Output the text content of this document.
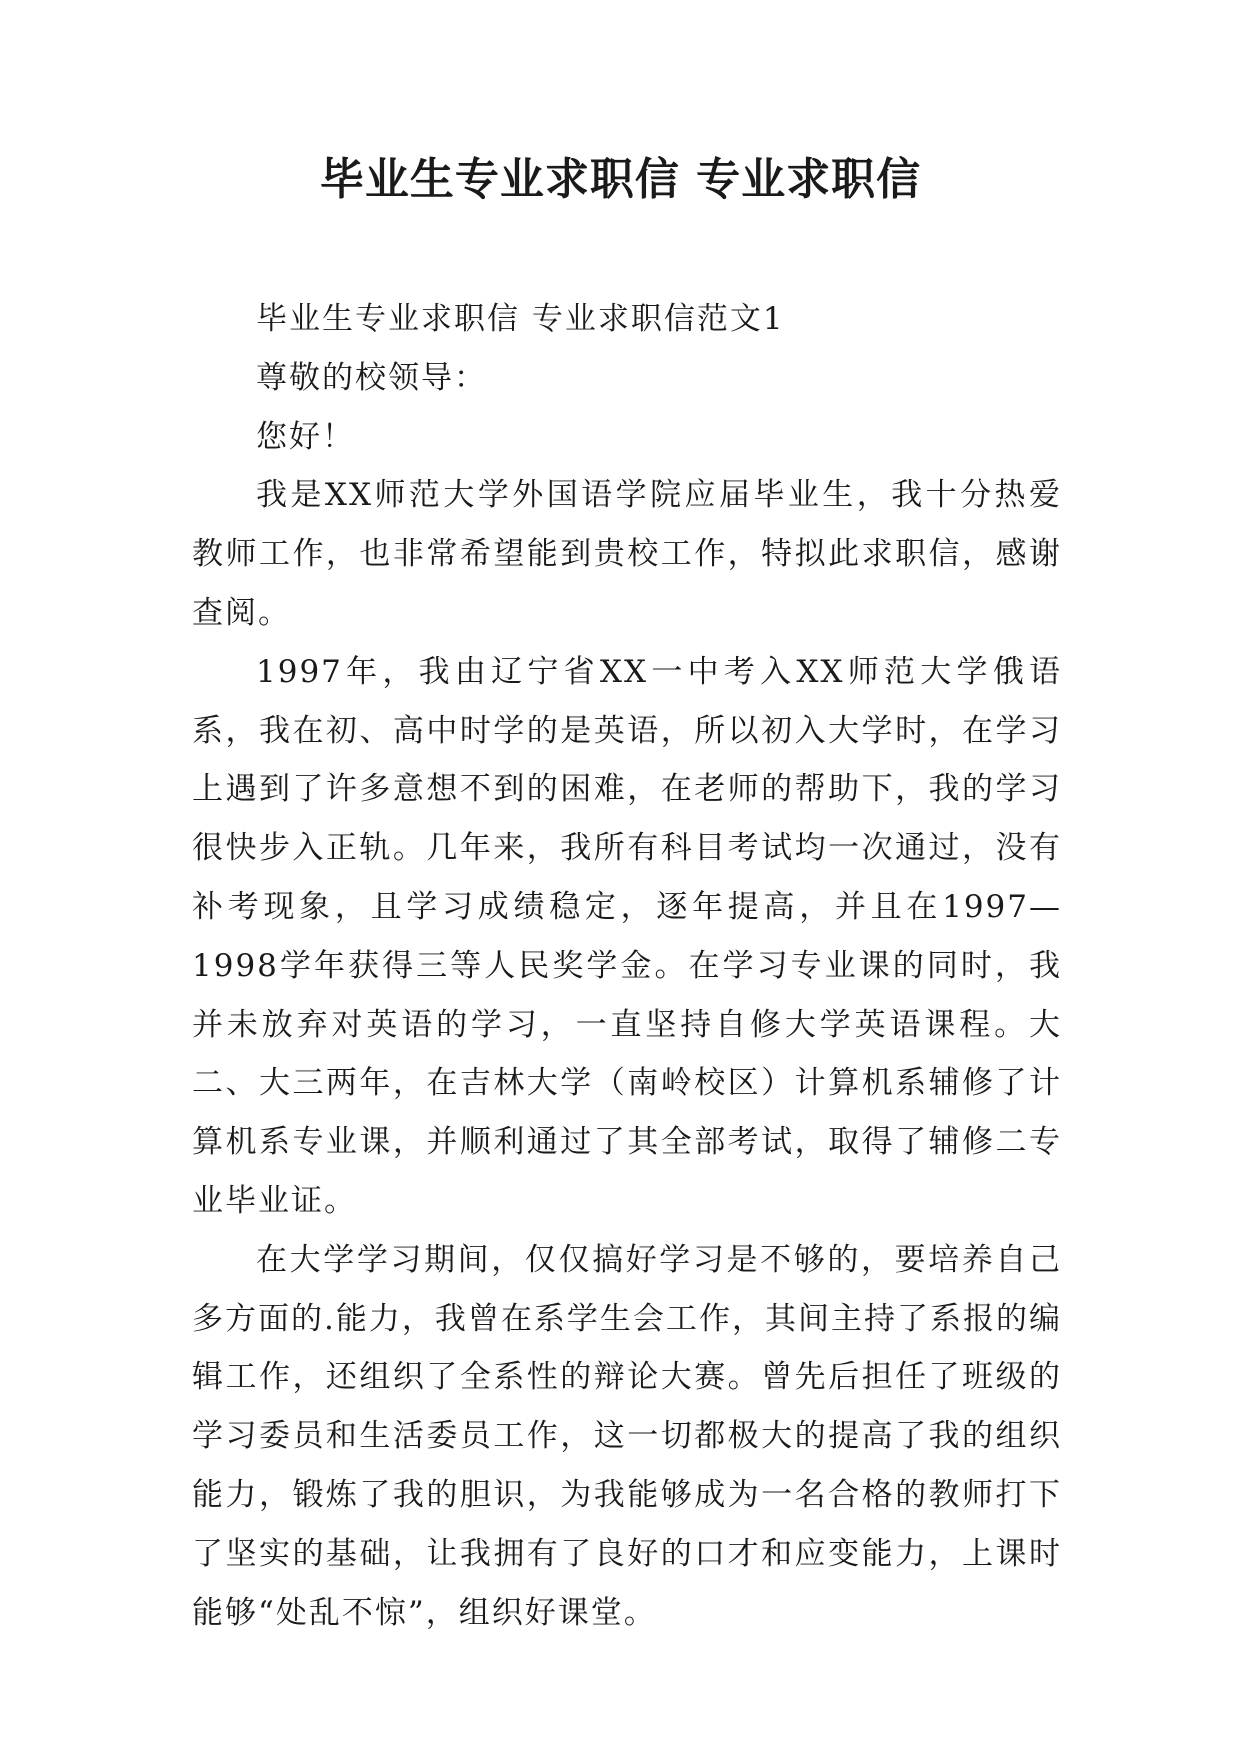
毕业生专业求职信 专业求职信

毕业生专业求职信 专业求职信范文1

尊敬的校领导：

您好！

我是XX师范大学外国语学院应届毕业生，我十分热爱教师工作，也非常希望能到贵校工作，特拟此求职信，感谢查阅。

1997年，我由辽宁省XX一中考入XX师范大学俄语系，我在初、高中时学的是英语，所以初入大学时，在学习上遇到了许多意想不到的困难，在老师的帮助下，我的学习很快步入正轨。几年来，我所有科目考试均一次通过，没有补考现象，且学习成绩稳定，逐年提高，并且在1997—1998学年获得三等人民奖学金。在学习专业课的同时，我并未放弃对英语的学习，一直坚持自修大学英语课程。大二、大三两年，在吉林大学（南岭校区）计算机系辅修了计算机系专业课，并顺利通过了其全部考试，取得了辅修二专业毕业证。

在大学学习期间，仅仅搞好学习是不够的，要培养自己多方面的.能力，我曾在系学生会工作，其间主持了系报的编辑工作，还组织了全系性的辩论大赛。曾先后担任了班级的学习委员和生活委员工作，这一切都极大的提高了我的组织能力，锻炼了我的胆识，为我能够成为一名合格的教师打下了坚实的基础，让我拥有了良好的口才和应变能力，上课时能够“处乱不惊”，组织好课堂。
